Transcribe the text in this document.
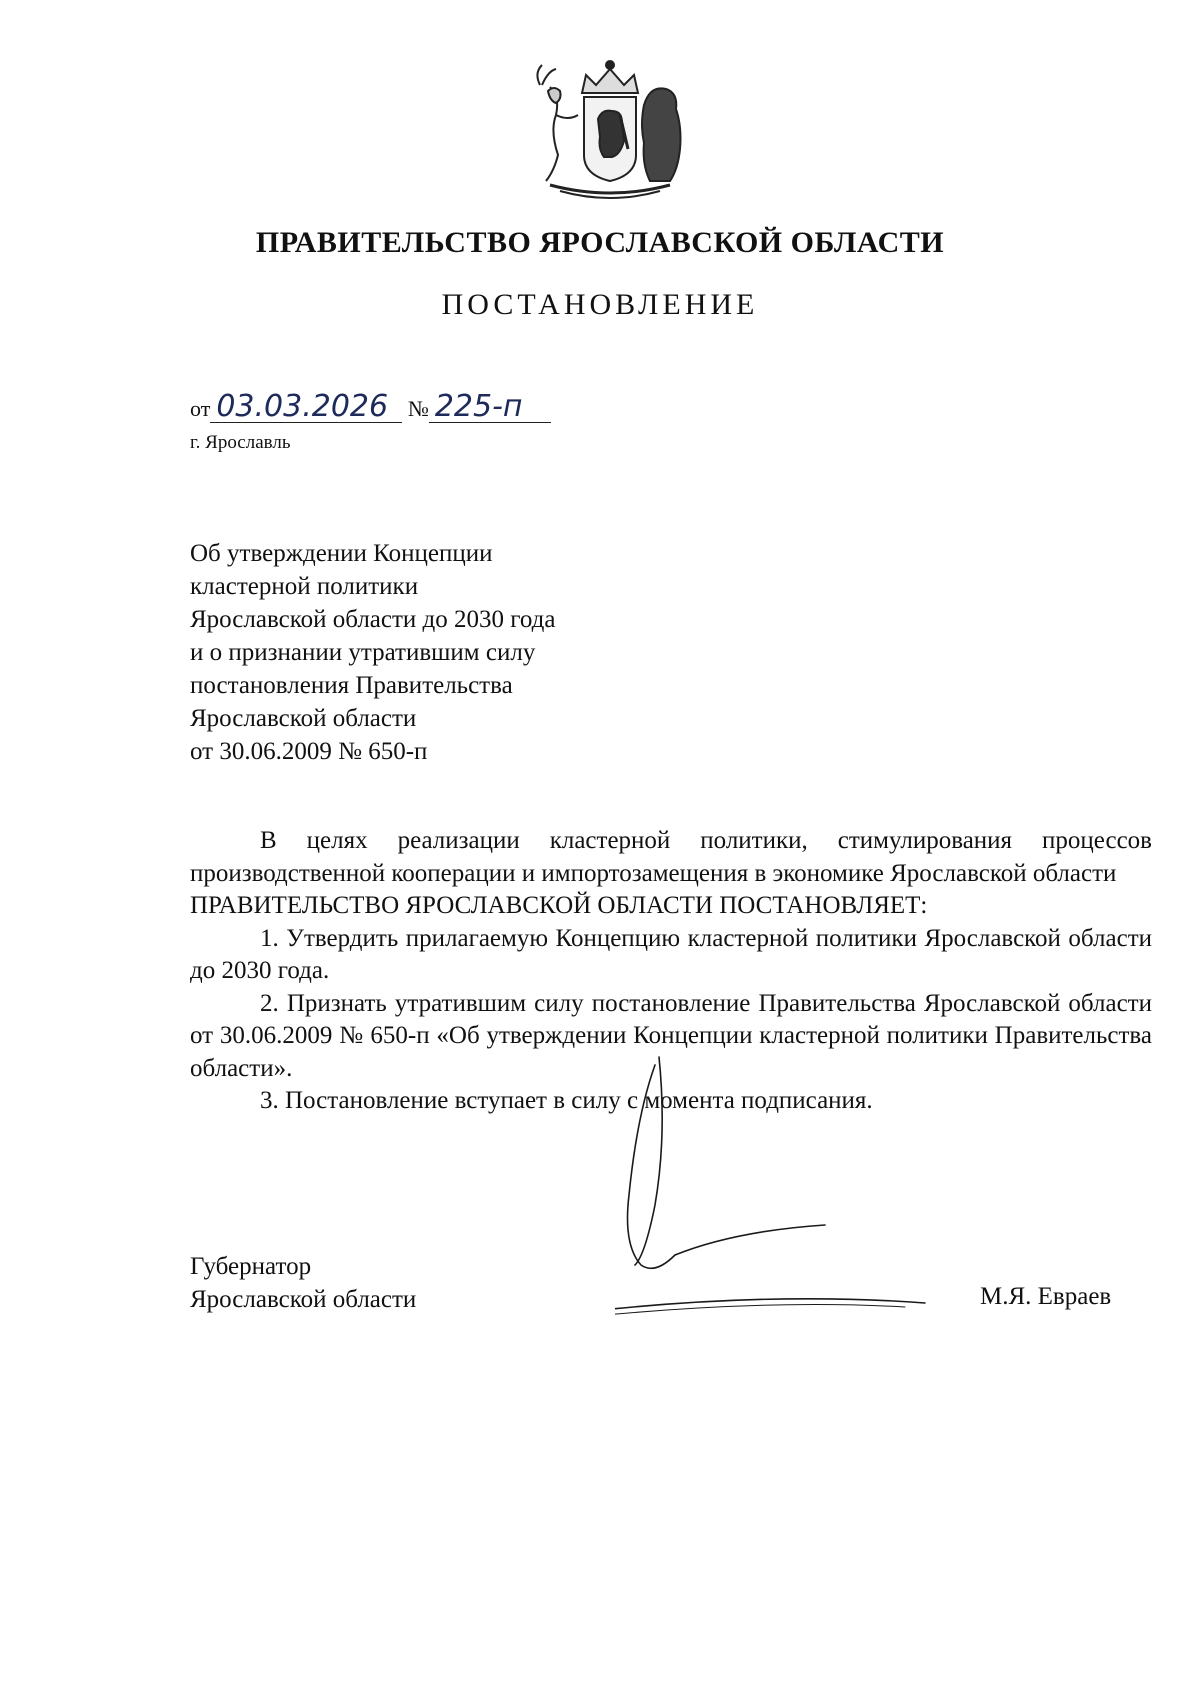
ПРАВИТЕЛЬСТВО ЯРОСЛАВСКОЙ ОБЛАСТИ
ПОСТАНОВЛЕНИЕ
от 03.03.2026 № 225-п
г. Ярославль
Об утверждении Концепции
кластерной политики
Ярославской области до 2030 года
и о признании утратившим силу
постановления Правительства
Ярославской области
от 30.06.2009 № 650-п
В целях реализации кластерной политики, стимулирования процессов производственной кооперации и импортозамещения в экономике Ярославской области
ПРАВИТЕЛЬСТВО ЯРОСЛАВСКОЙ ОБЛАСТИ ПОСТАНОВЛЯЕТ:
1. Утвердить прилагаемую Концепцию кластерной политики Ярославской области до 2030 года.
2. Признать утратившим силу постановление Правительства Ярославской области от 30.06.2009 № 650-п «Об утверждении Концепции кластерной политики Правительства области».
3. Постановление вступает в силу с момента подписания.
Губернатор
Ярославской области	М.Я. Евраев
